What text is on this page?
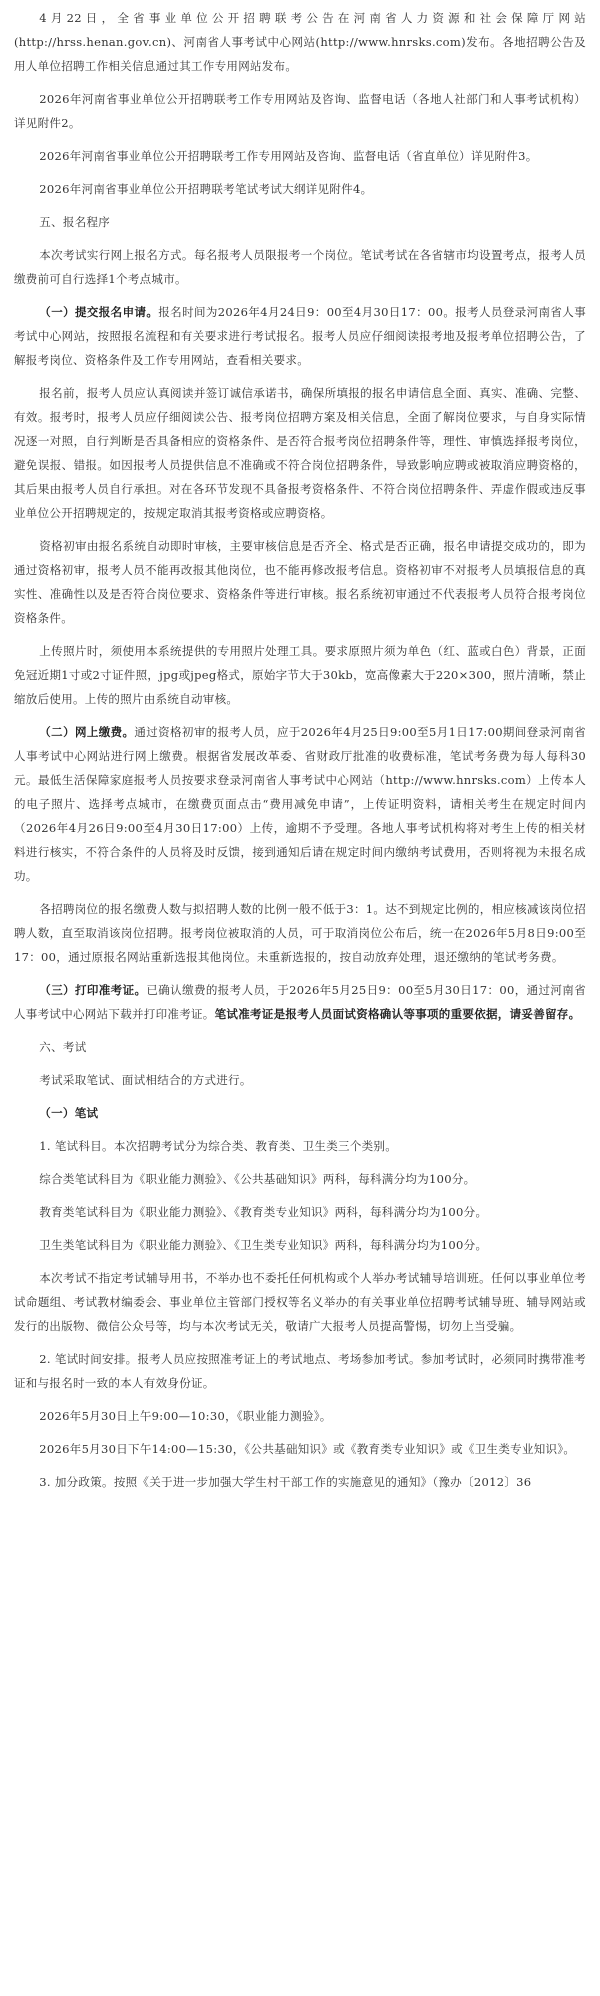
4月22日，全省事业单位公开招聘联考公告在河南省人力资源和社会保障厅网站(http://hrss.henan.gov.cn)、河南省人事考试中心网站(http://www.hnrsks.com)发布。各地招聘公告及用人单位招聘工作相关信息通过其工作专用网站发布。

2026年河南省事业单位公开招聘联考工作专用网站及咨询、监督电话（各地人社部门和人事考试机构）详见附件2。

2026年河南省事业单位公开招聘联考工作专用网站及咨询、监督电话（省直单位）详见附件3。

2026年河南省事业单位公开招聘联考笔试考试大纲详见附件4。

五、报名程序

本次考试实行网上报名方式。每名报考人员限报考一个岗位。笔试考试在各省辖市均设置考点，报考人员缴费前可自行选择1个考点城市。

（一）提交报名申请。报名时间为2026年4月24日9：00至4月30日17：00。报考人员登录河南省人事考试中心网站，按照报名流程和有关要求进行考试报名。报考人员应仔细阅读报考地及报考单位招聘公告，了解报考岗位、资格条件及工作专用网站，查看相关要求。

报名前，报考人员应认真阅读并签订诚信承诺书，确保所填报的报名申请信息全面、真实、准确、完整、有效。报考时，报考人员应仔细阅读公告、报考岗位招聘方案及相关信息，全面了解岗位要求，与自身实际情况逐一对照，自行判断是否具备相应的资格条件、是否符合报考岗位招聘条件等，理性、审慎选择报考岗位，避免误报、错报。如因报考人员提供信息不准确或不符合岗位招聘条件，导致影响应聘或被取消应聘资格的，其后果由报考人员自行承担。对在各环节发现不具备报考资格条件、不符合岗位招聘条件、弄虚作假或违反事业单位公开招聘规定的，按规定取消其报考资格或应聘资格。

资格初审由报名系统自动即时审核，主要审核信息是否齐全、格式是否正确，报名申请提交成功的，即为通过资格初审，报考人员不能再改报其他岗位，也不能再修改报考信息。资格初审不对报考人员填报信息的真实性、准确性以及是否符合岗位要求、资格条件等进行审核。报名系统初审通过不代表报考人员符合报考岗位资格条件。

上传照片时，须使用本系统提供的专用照片处理工具。要求原照片须为单色（红、蓝或白色）背景，正面免冠近期1寸或2寸证件照，jpg或jpeg格式，原始字节大于30kb，宽高像素大于220×300，照片清晰，禁止缩放后使用。上传的照片由系统自动审核。

（二）网上缴费。通过资格初审的报考人员，应于2026年4月25日9:00至5月1日17:00期间登录河南省人事考试中心网站进行网上缴费。根据省发展改革委、省财政厅批准的收费标准，笔试考务费为每人每科30元。最低生活保障家庭报考人员按要求登录河南省人事考试中心网站（http://www.hnrsks.com）上传本人的电子照片、选择考点城市，在缴费页面点击“费用减免申请”，上传证明资料，请相关考生在规定时间内（2026年4月26日9:00至4月30日17:00）上传，逾期不予受理。各地人事考试机构将对考生上传的相关材料进行核实，不符合条件的人员将及时反馈，接到通知后请在规定时间内缴纳考试费用，否则将视为未报名成功。

各招聘岗位的报名缴费人数与拟招聘人数的比例一般不低于3：1。达不到规定比例的，相应核减该岗位招聘人数，直至取消该岗位招聘。报考岗位被取消的人员，可于取消岗位公布后，统一在2026年5月8日9:00至17：00，通过原报名网站重新选报其他岗位。未重新选报的，按自动放弃处理，退还缴纳的笔试考务费。

（三）打印准考证。已确认缴费的报考人员，于2026年5月25日9：00至5月30日17：00，通过河南省人事考试中心网站下载并打印准考证。笔试准考证是报考人员面试资格确认等事项的重要依据，请妥善留存。

六、考试

考试采取笔试、面试相结合的方式进行。

（一）笔试

1. 笔试科目。本次招聘考试分为综合类、教育类、卫生类三个类别。

综合类笔试科目为《职业能力测验》、《公共基础知识》两科，每科满分均为100分。

教育类笔试科目为《职业能力测验》、《教育类专业知识》两科，每科满分均为100分。

卫生类笔试科目为《职业能力测验》、《卫生类专业知识》两科，每科满分均为100分。

本次考试不指定考试辅导用书，不举办也不委托任何机构或个人举办考试辅导培训班。任何以事业单位考试命题组、考试教材编委会、事业单位主管部门授权等名义举办的有关事业单位招聘考试辅导班、辅导网站或发行的出版物、微信公众号等，均与本次考试无关，敬请广大报考人员提高警惕，切勿上当受骗。

2. 笔试时间安排。报考人员应按照准考证上的考试地点、考场参加考试。参加考试时，必须同时携带准考证和与报名时一致的本人有效身份证。

2026年5月30日上午9:00—10:30，《职业能力测验》。

2026年5月30日下午14:00—15:30，《公共基础知识》或《教育类专业知识》或《卫生类专业知识》。

3. 加分政策。按照《关于进一步加强大学生村干部工作的实施意见的通知》（豫办〔2012〕36
